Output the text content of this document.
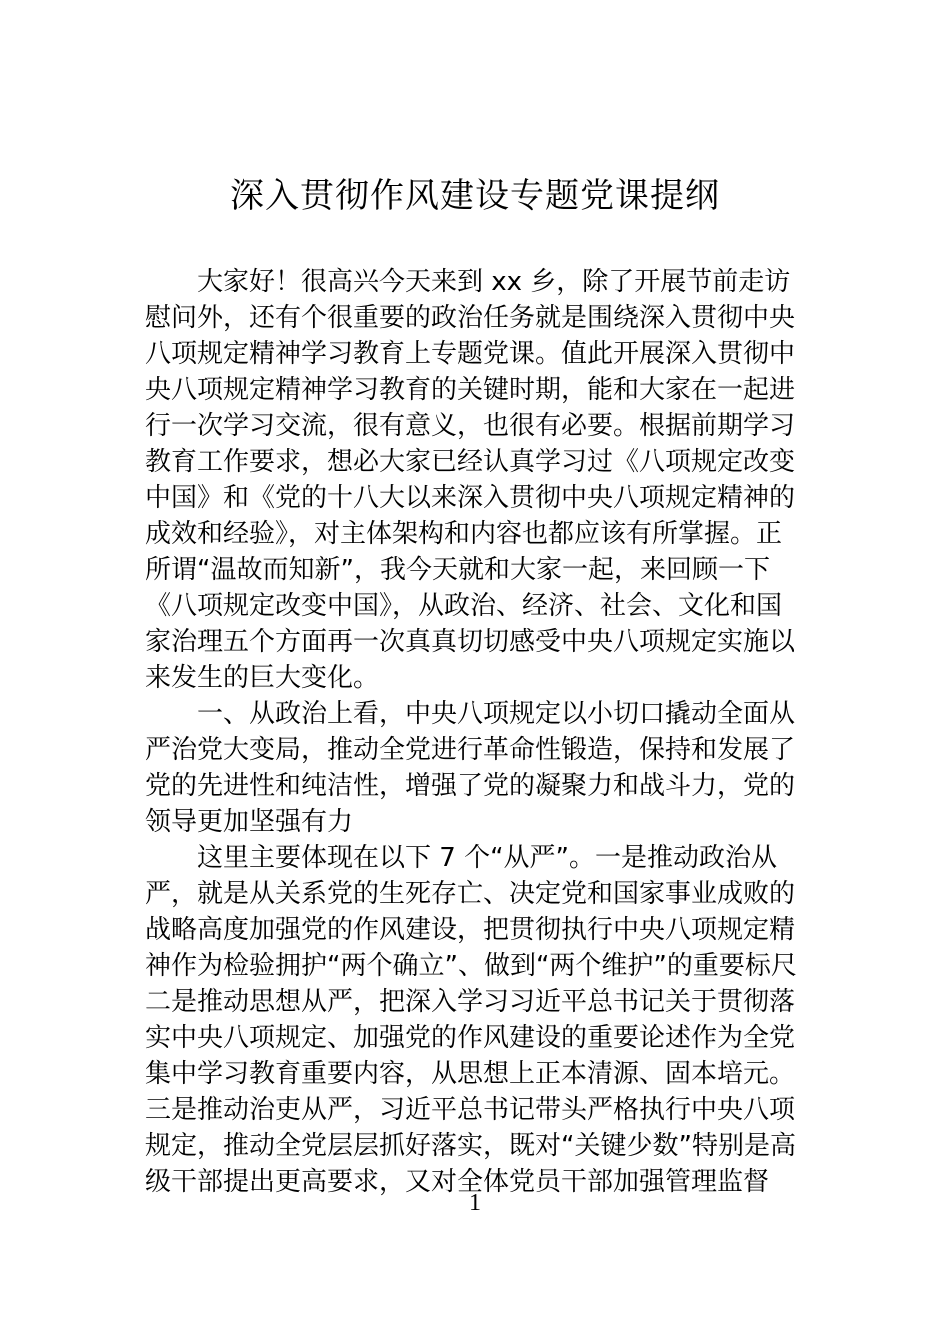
深入贯彻作风建设专题党课提纲

大家好！很高兴今天来到 xx 乡，除了开展节前走访慰问外，还有个很重要的政治任务就是围绕深入贯彻中央八项规定精神学习教育上专题党课。值此开展深入贯彻中央八项规定精神学习教育的关键时期，能和大家在一起进行一次学习交流，很有意义，也很有必要。根据前期学习教育工作要求，想必大家已经认真学习过《八项规定改变中国》和《党的十八大以来深入贯彻中央八项规定精神的成效和经验》，对主体架构和内容也都应该有所掌握。正所谓“温故而知新”，我今天就和大家一起，来回顾一下《八项规定改变中国》，从政治、经济、社会、文化和国家治理五个方面再一次真真切切感受中央八项规定实施以来发生的巨大变化。

一、从政治上看，中央八项规定以小切口撬动全面从严治党大变局，推动全党进行革命性锻造，保持和发展了党的先进性和纯洁性，增强了党的凝聚力和战斗力，党的领导更加坚强有力

这里主要体现在以下 7 个“从严”。一是推动政治从严，就是从关系党的生死存亡、决定党和国家事业成败的战略高度加强党的作风建设，把贯彻执行中央八项规定精神作为检验拥护“两个确立”、做到“两个维护”的重要标尺二是推动思想从严，把深入学习习近平总书记关于贯彻落实中央八项规定、加强党的作风建设的重要论述作为全党集中学习教育重要内容，从思想上正本清源、固本培元。三是推动治吏从严，习近平总书记带头严格执行中央八项规定，推动全党层层抓好落实，既对“关键少数”特别是高级干部提出更高要求，又对全体党员干部加强管理监督

1
